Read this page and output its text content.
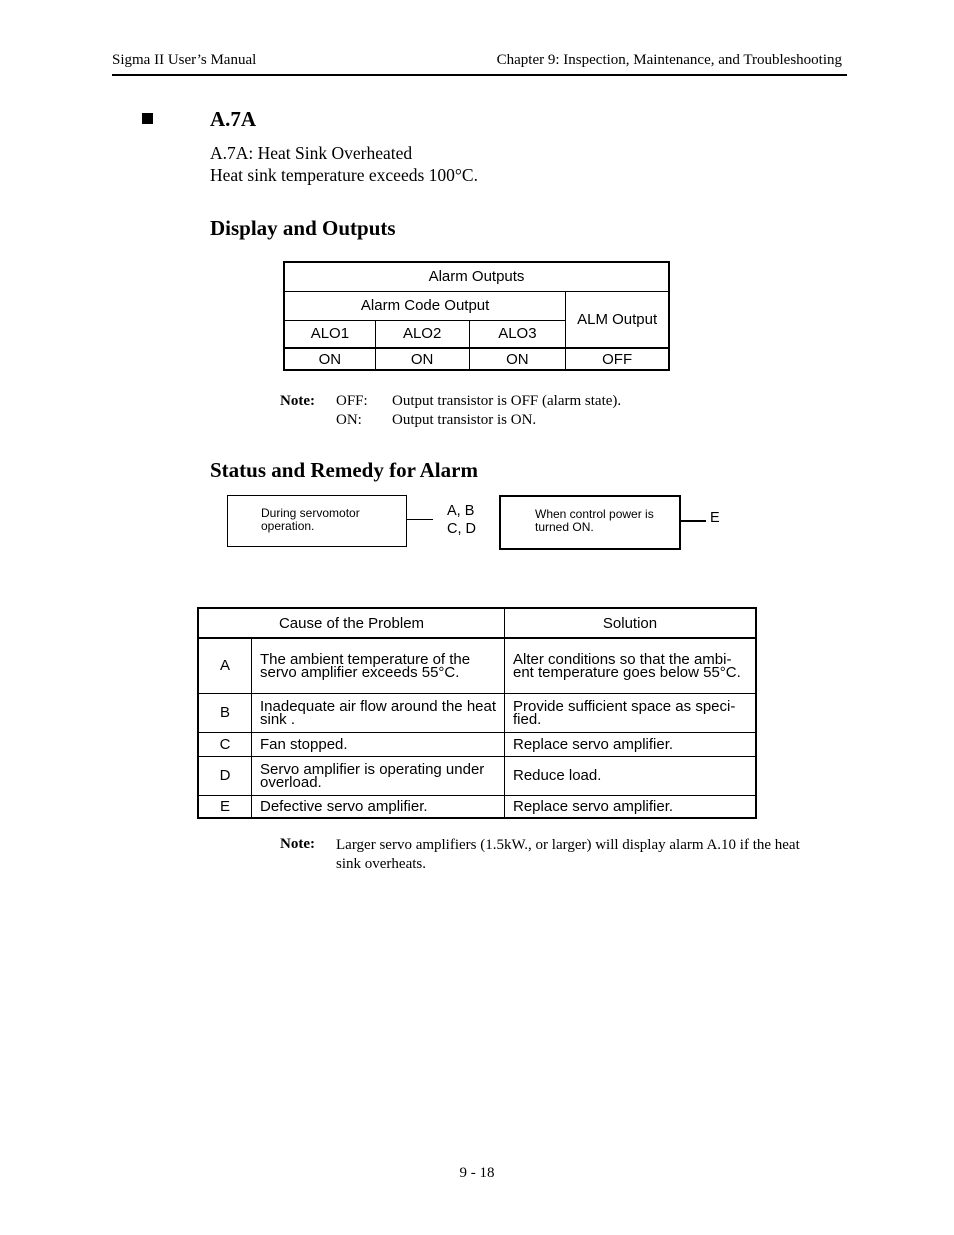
Sigma II User’s Manual	Chapter 9: Inspection, Maintenance, and Troubleshooting
A.7A
A.7A: Heat Sink Overheated
Heat sink temperature exceeds 100°C.
Display and Outputs
Alarm Outputs			
Alarm Code Output			ALM Output
ALO1	ALO2	ALO3	
ON	ON	ON	OFF
Note: OFF: Output transistor is OFF (alarm state).
ON: Output transistor is ON.
Status and Remedy for Alarm
During servomotor operation.
A, B
C, D
When control power is turned ON.
E
Cause of the Problem		Solution
A	The ambient temperature of the servo amplifier exceeds 55°C.	Alter conditions so that the ambi-ent temperature goes below 55°C.
B	Inadequate air flow around the heat sink .	Provide sufficient space as speci-fied.
C	Fan stopped.	Replace servo amplifier.
D	Servo amplifier is operating under overload.	Reduce load.
E	Defective servo amplifier.	Replace servo amplifier.
Note: Larger servo amplifiers (1.5kW., or larger) will display alarm A.10 if the heat sink overheats.
9 - 18
